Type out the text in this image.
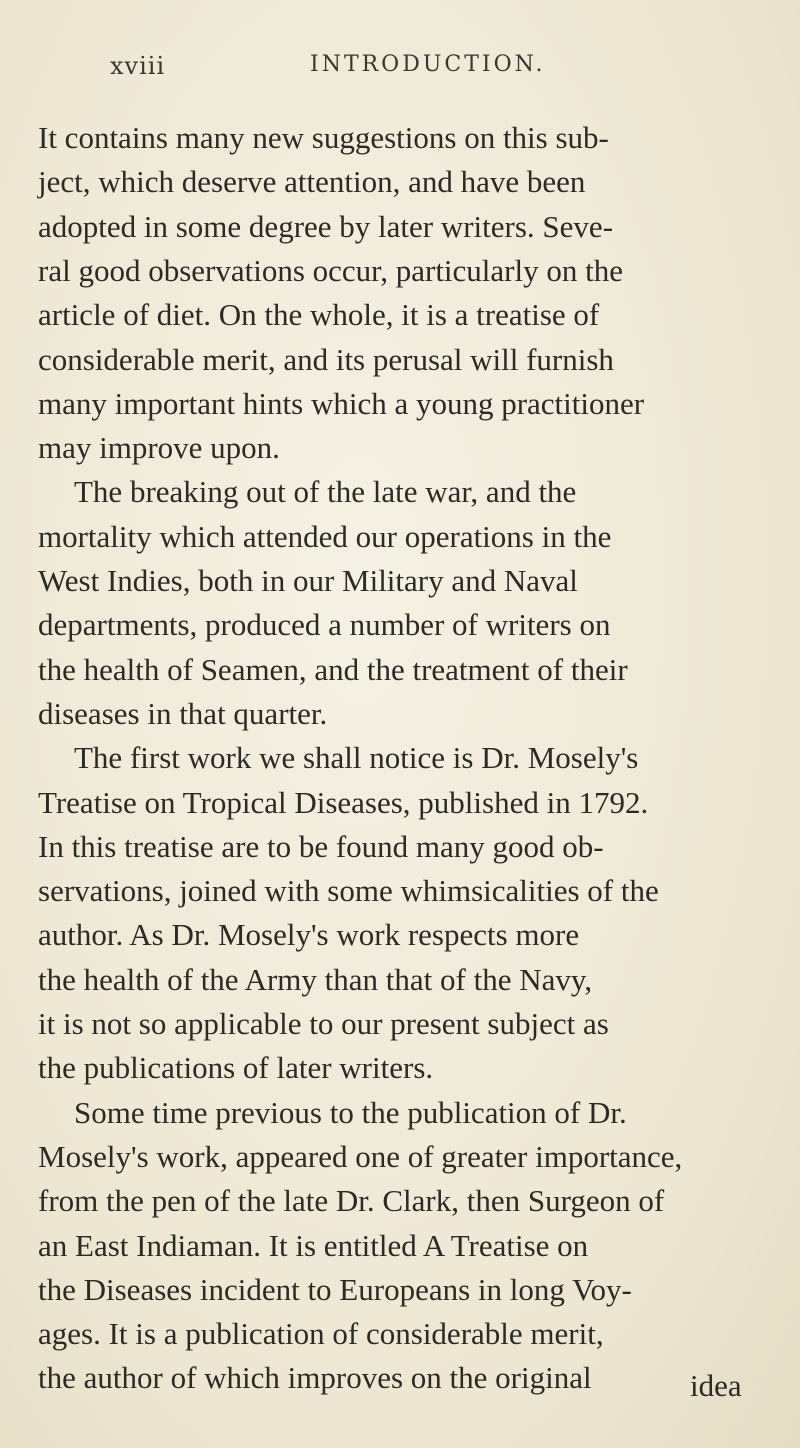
xviii	INTRODUCTION.
It contains many new suggestions on this sub-
ject, which deserve attention, and have been
adopted in some degree by later writers. Seve-
ral good observations occur, particularly on the
article of diet. On the whole, it is a treatise of
considerable merit, and its perusal will furnish
many important hints which a young practitioner
may improve upon.
The breaking out of the late war, and the
mortality which attended our operations in the
West Indies, both in our Military and Naval
departments, produced a number of writers on
the health of Seamen, and the treatment of their
diseases in that quarter.
The first work we shall notice is Dr. Mosely's
Treatise on Tropical Diseases, published in 1792.
In this treatise are to be found many good ob-
servations, joined with some whimsicalities of the
author. As Dr. Mosely's work respects more
the health of the Army than that of the Navy,
it is not so applicable to our present subject as
the publications of later writers.
Some time previous to the publication of Dr.
Mosely's work, appeared one of greater importance,
from the pen of the late Dr. Clark, then Surgeon of
an East Indiaman. It is entitled A Treatise on
the Diseases incident to Europeans in long Voy-
ages. It is a publication of considerable merit,
the author of which improves on the original	idea
